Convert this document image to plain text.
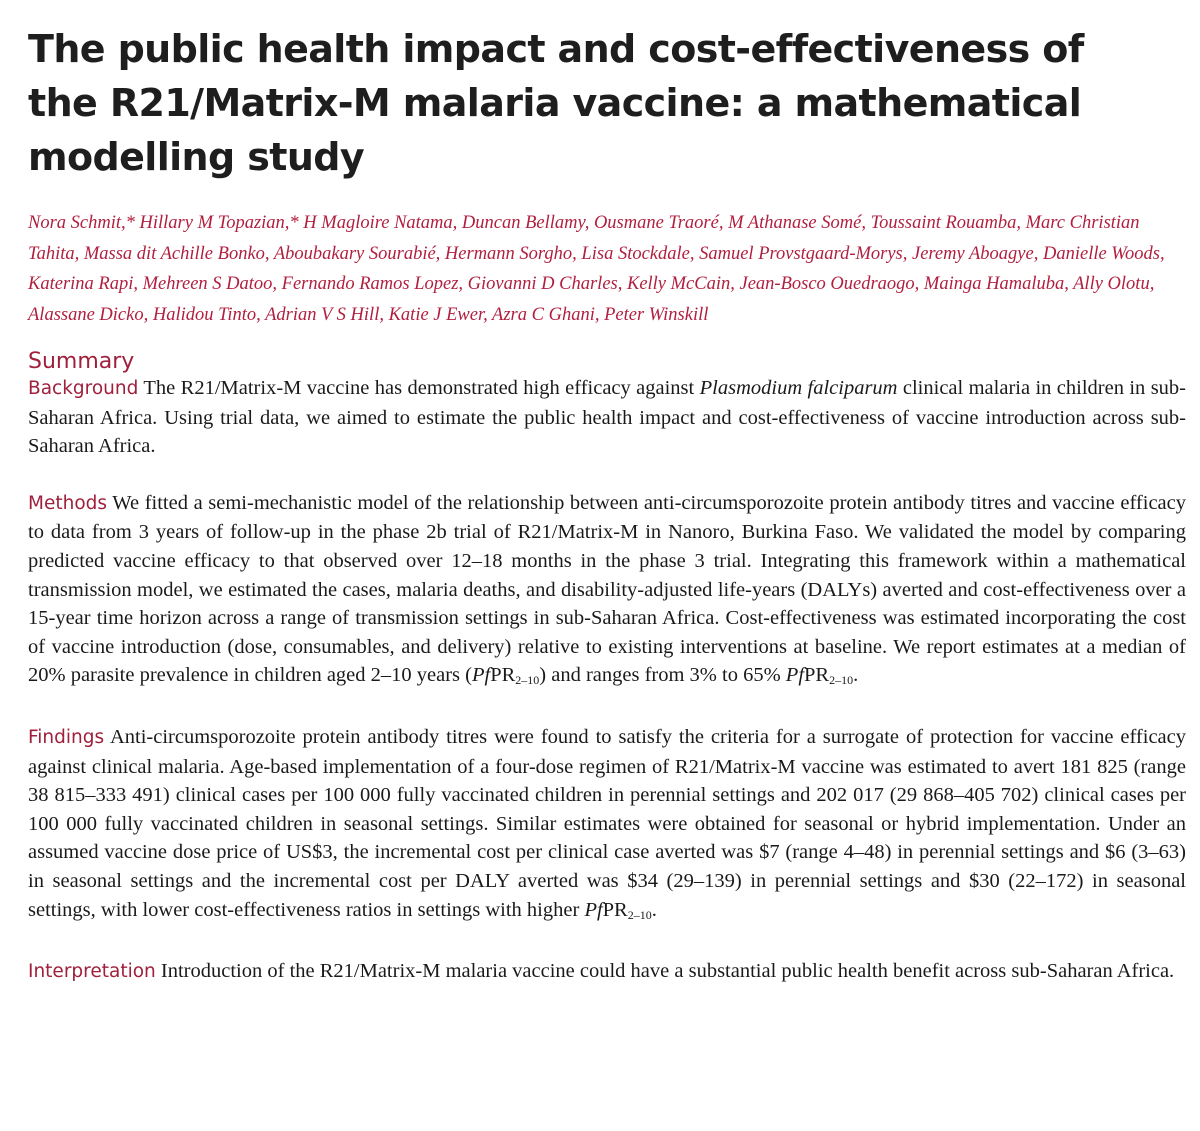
The public health impact and cost-effectiveness of the R21/Matrix-M malaria vaccine: a mathematical modelling study
Nora Schmit,* Hillary M Topazian,* H Magloire Natama, Duncan Bellamy, Ousmane Traoré, M Athanase Somé, Toussaint Rouamba, Marc Christian Tahita, Massa dit Achille Bonko, Aboubakary Sourabié, Hermann Sorgho, Lisa Stockdale, Samuel Provstgaard-Morys, Jeremy Aboagye, Danielle Woods, Katerina Rapi, Mehreen S Datoo, Fernando Ramos Lopez, Giovanni D Charles, Kelly McCain, Jean-Bosco Ouedraogo, Mainga Hamaluba, Ally Olotu, Alassane Dicko, Halidou Tinto, Adrian V S Hill, Katie J Ewer, Azra C Ghani, Peter Winskill
Summary

Background The R21/Matrix-M vaccine has demonstrated high efficacy against Plasmodium falciparum clinical malaria in children in sub-Saharan Africa. Using trial data, we aimed to estimate the public health impact and cost-effectiveness of vaccine introduction across sub-Saharan Africa.

Methods We fitted a semi-mechanistic model of the relationship between anti-circumsporozoite protein antibody titres and vaccine efficacy to data from 3 years of follow-up in the phase 2b trial of R21/Matrix-M in Nanoro, Burkina Faso. We validated the model by comparing predicted vaccine efficacy to that observed over 12–18 months in the phase 3 trial. Integrating this framework within a mathematical transmission model, we estimated the cases, malaria deaths, and disability-adjusted life-years (DALYs) averted and cost-effectiveness over a 15-year time horizon across a range of transmission settings in sub-Saharan Africa. Cost-effectiveness was estimated incorporating the cost of vaccine introduction (dose, consumables, and delivery) relative to existing interventions at baseline. We report estimates at a median of 20% parasite prevalence in children aged 2–10 years (PfPR$_{2-10}$) and ranges from 3% to 65% PfPR$_{2-10}$.

Findings Anti-circumsporozoite protein antibody titres were found to satisfy the criteria for a surrogate of protection for vaccine efficacy against clinical malaria. Age-based implementation of a four-dose regimen of R21/Matrix-M vaccine was estimated to avert 181 825 (range 38 815–333 491) clinical cases per 100 000 fully vaccinated children in perennial settings and 202 017 (29 868–405 702) clinical cases per 100 000 fully vaccinated children in seasonal settings. Similar estimates were obtained for seasonal or hybrid implementation. Under an assumed vaccine dose price of US$3, the incremental cost per clinical case averted was $7 (range 4–48) in perennial settings and $6 (3–63) in seasonal settings and the incremental cost per DALY averted was $34 (29–139) in perennial settings and $30 (22–172) in seasonal settings, with lower cost-effectiveness ratios in settings with higher PfPR$_{2-10}$.

Interpretation Introduction of the R21/Matrix-M malaria vaccine could have a substantial public health benefit across sub-Saharan Africa.
